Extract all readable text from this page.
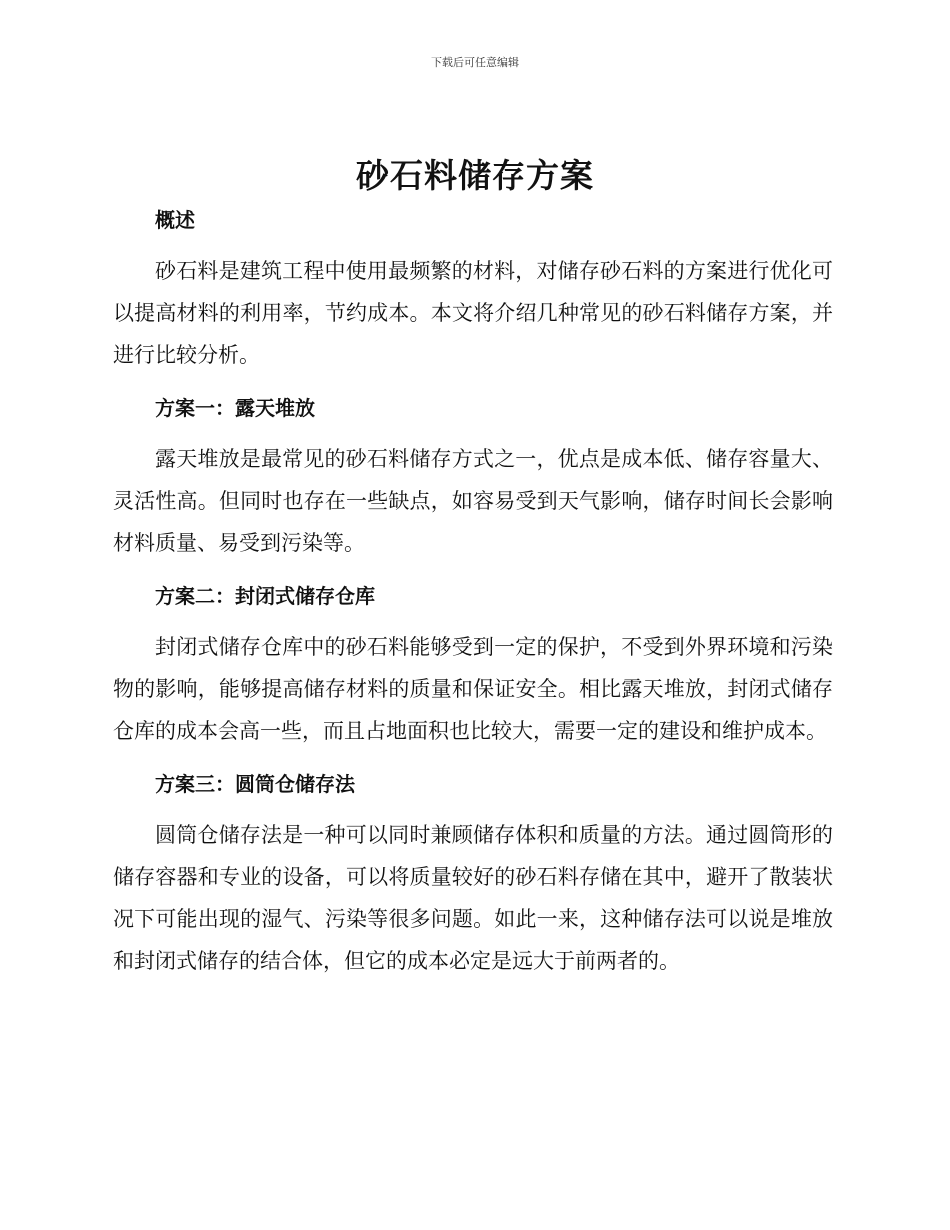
下载后可任意编辑
砂石料储存方案
概述

砂石料是建筑工程中使用最频繁的材料，对储存砂石料的方案进行优化可以提高材料的利用率，节约成本。本文将介绍几种常见的砂石料储存方案，并进行比较分析。

方案一：露天堆放

露天堆放是最常见的砂石料储存方式之一，优点是成本低、储存容量大、灵活性高。但同时也存在一些缺点，如容易受到天气影响，储存时间长会影响材料质量、易受到污染等。

方案二：封闭式储存仓库

封闭式储存仓库中的砂石料能够受到一定的保护，不受到外界环境和污染物的影响，能够提高储存材料的质量和保证安全。相比露天堆放，封闭式储存仓库的成本会高一些，而且占地面积也比较大，需要一定的建设和维护成本。

方案三：圆筒仓储存法

圆筒仓储存法是一种可以同时兼顾储存体积和质量的方法。通过圆筒形的储存容器和专业的设备，可以将质量较好的砂石料存储在其中，避开了散装状况下可能出现的湿气、污染等很多问题。如此一来，这种储存法可以说是堆放和封闭式储存的结合体，但它的成本必定是远大于前两者的。
